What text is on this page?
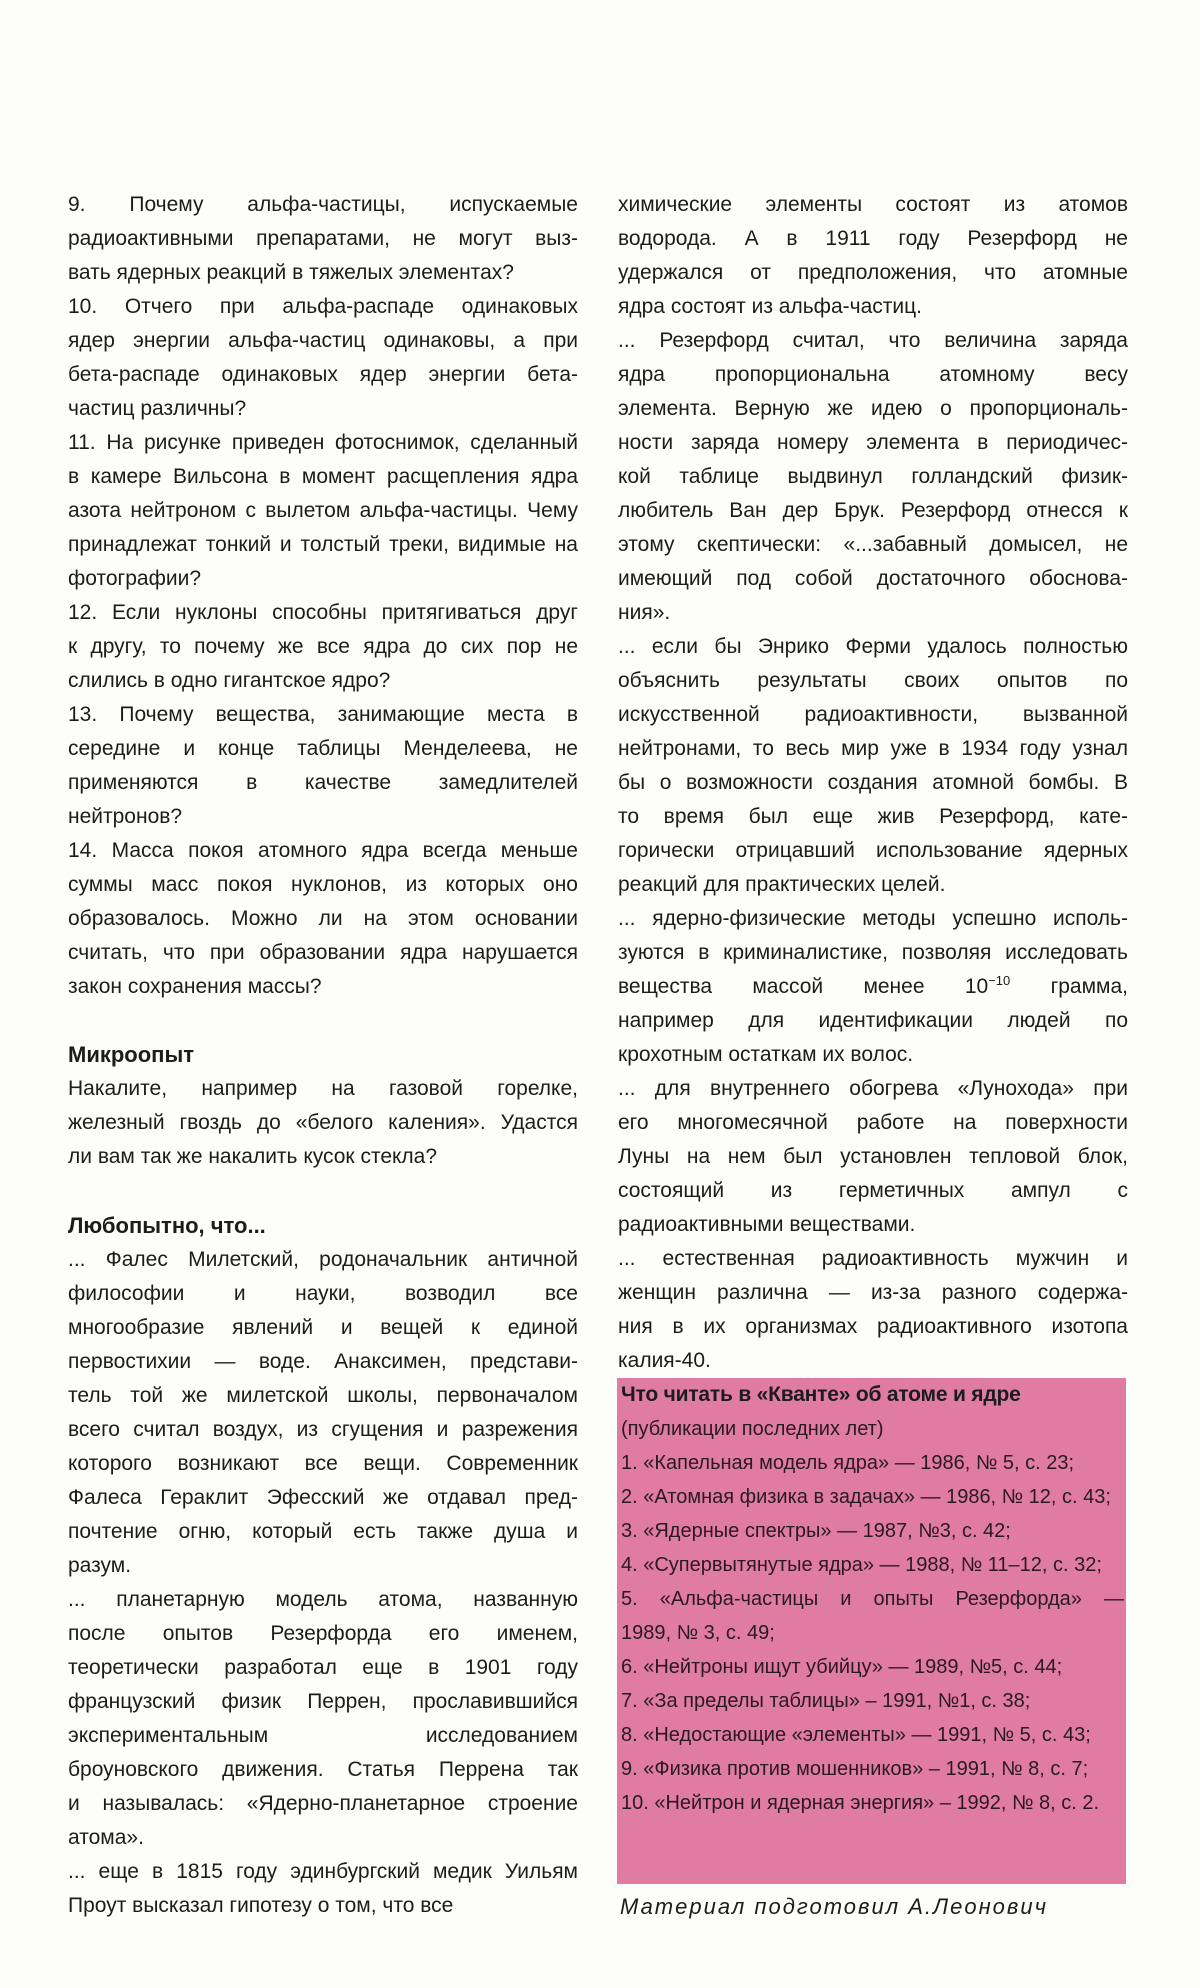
9. Почему альфа-частицы, испускаемые
радиоактивными препаратами, не могут выз-
вать ядерных реакций в тяжелых элементах?
10. Отчего при альфа-распаде одинаковых
ядер энергии альфа-частиц одинаковы, а при
бета-распаде одинаковых ядер энергии бета-
частиц различны?
11. На рисунке приведен фотоснимок, сделанный
в камере Вильсона в момент расщепления ядра
азота нейтроном с вылетом альфа-частицы. Чему
принадлежат тонкий и толстый треки, видимые на
фотографии?
12. Если нуклоны способны притягиваться друг
к другу, то почему же все ядра до сих пор не
слились в одно гигантское ядро?
13. Почему вещества, занимающие места в
середине и конце таблицы Менделеева, не
применяются в качестве замедлителей
нейтронов?
14. Масса покоя атомного ядра всегда меньше
суммы масс покоя нуклонов, из которых оно
образовалось. Можно ли на этом основании
считать, что при образовании ядра нарушается
закон сохранения массы?
Микроопыт
Накалите, например на газовой горелке,
железный гвоздь до «белого каления». Удастся
ли вам так же накалить кусок стекла?
Любопытно, что...
... Фалес Милетский, родоначальник античной
философии и науки, возводил все
многообразие явлений и вещей к единой
первостихии — воде. Анаксимен, представи-
тель той же милетской школы, первоначалом
всего считал воздух, из сгущения и разрежения
которого возникают все вещи. Современник
Фалеса Гераклит Эфесский же отдавал пред-
почтение огню, который есть также душа и
разум.
... планетарную модель атома, названную
после опытов Резерфорда его именем,
теоретически разработал еще в 1901 году
французский физик Перрен, прославившийся
экспериментальным исследованием
броуновского движения. Статья Перрена так
и называлась: «Ядерно-планетарное строение
атома».
... еще в 1815 году эдинбургский медик Уильям
Проут высказал гипотезу о том, что все
химические элементы состоят из атомов
водорода. А в 1911 году Резерфорд не
удержался от предположения, что атомные
ядра состоят из альфа-частиц.
... Резерфорд считал, что величина заряда
ядра пропорциональна атомному весу
элемента. Верную же идею о пропорциональ-
ности заряда номеру элемента в периодичес-
кой таблице выдвинул голландский физик-
любитель Ван дер Брук. Резерфорд отнесся к
этому скептически: «...забавный домысел, не
имеющий под собой достаточного обоснова-
ния».
... если бы Энрико Ферми удалось полностью
объяснить результаты своих опытов по
искусственной радиоактивности, вызванной
нейтронами, то весь мир уже в 1934 году узнал
бы о возможности создания атомной бомбы. В
то время был еще жив Резерфорд, кате-
горически отрицавший использование ядерных
реакций для практических целей.
... ядерно-физические методы успешно исполь-
зуются в криминалистике, позволяя исследовать
вещества массой менее $10^{-10}$ грамма,
например для идентификации людей по
крохотным остаткам их волос.
... для внутреннего обогрева «Лунохода» при
его многомесячной работе на поверхности
Луны на нем был установлен тепловой блок,
состоящий из герметичных ампул с
радиоактивными веществами.
... естественная радиоактивность мужчин и
женщин различна — из-за разного содержа-
ния в их организмах радиоактивного изотопа
калия-40.
Что читать в «Кванте» об атоме и ядре
(публикации последних лет)
1. «Капельная модель ядра» — 1986, № 5, с. 23;
2. «Атомная физика в задачах» — 1986, № 12, с. 43;
3. «Ядерные спектры» — 1987, №3, с. 42;
4. «Супервытянутые ядра» — 1988, № 11–12, с. 32;
5. «Альфа-частицы и опыты Резерфорда» —
1989, № 3, с. 49;
6. «Нейтроны ищут убийцу» — 1989, №5, с. 44;
7. «За пределы таблицы» – 1991, №1, с. 38;
8. «Недостающие «элементы» — 1991, № 5, с. 43;
9. «Физика против мошенников» – 1991, № 8, с. 7;
10. «Нейтрон и ядерная энергия» – 1992, № 8, с. 2.
Материал подготовил А.Леонович
